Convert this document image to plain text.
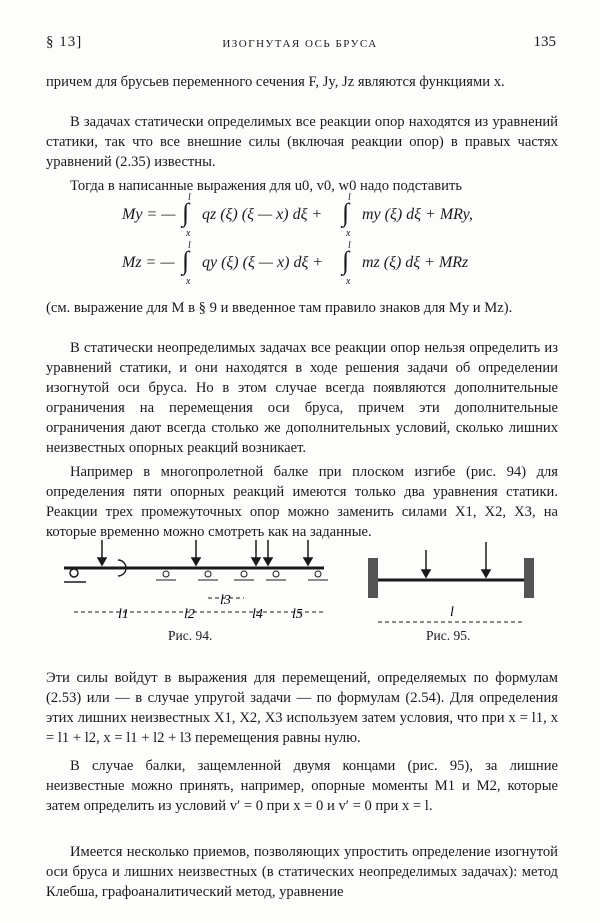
§ 13]	ИЗОГНУТАЯ ОСЬ БРУСА	135
причем для брусьев переменного сечения F, Jy, Jz являются функциями x.
В задачах статически определимых все реакции опор находятся из уравнений статики, так что все внешние силы (включая реакции опор) в правых частях уравнений (2.35) известны.
Тогда в написанные выражения для u0, v0, w0 надо подставить
My = — ∫
l
x
qz (ξ) (ξ — x) dξ + ∫
l
x
my (ξ) dξ + MRy,
Mz = — ∫
l
x
qy (ξ) (ξ — x) dξ + ∫
l
x
mz (ξ) dξ + MRz
(см. выражение для M в § 9 и введенное там правило знаков для My и Mz).
В статически неопределимых задачах все реакции опор нельзя определить из уравнений статики, и они находятся в ходе решения задачи об определении изогнутой оси бруса. Но в этом случае всегда появляются дополнительные ограничения на перемещения оси бруса, причем эти дополнительные ограничения дают всегда столько же дополнительных условий, сколько лишних неизвестных опорных реакций возникает.
Например в многопролетной балке при плоском изгибе (рис. 94) для определения пяти опорных реакций имеются только два уравнения статики. Реакции трех промежуточных опор можно заменить силами X1, X2, X3, на которые временно можно смотреть как на заданные.
l1	l2
l3
l4 l5
Рис. 94.
l
Рис. 95.
Эти силы войдут в выражения для перемещений, определяемых по формулам (2.53) или — в случае упругой задачи — по формулам (2.54). Для определения этих лишних неизвестных X1, X2, X3 используем затем условия, что при x = l1, x = l1 + l2, x = l1 + l2 + l3 перемещения равны нулю.
В случае балки, защемленной двумя концами (рис. 95), за лишние неизвестные можно принять, например, опорные моменты M1 и M2, которые затем определить из условий v′ = 0 при x = 0 и v′ = 0 при x = l.
Имеется несколько приемов, позволяющих упростить определение изогнутой оси бруса и лишних неизвестных (в статических неопределимых задачах): метод Клебша, графоаналитический метод, уравнение
